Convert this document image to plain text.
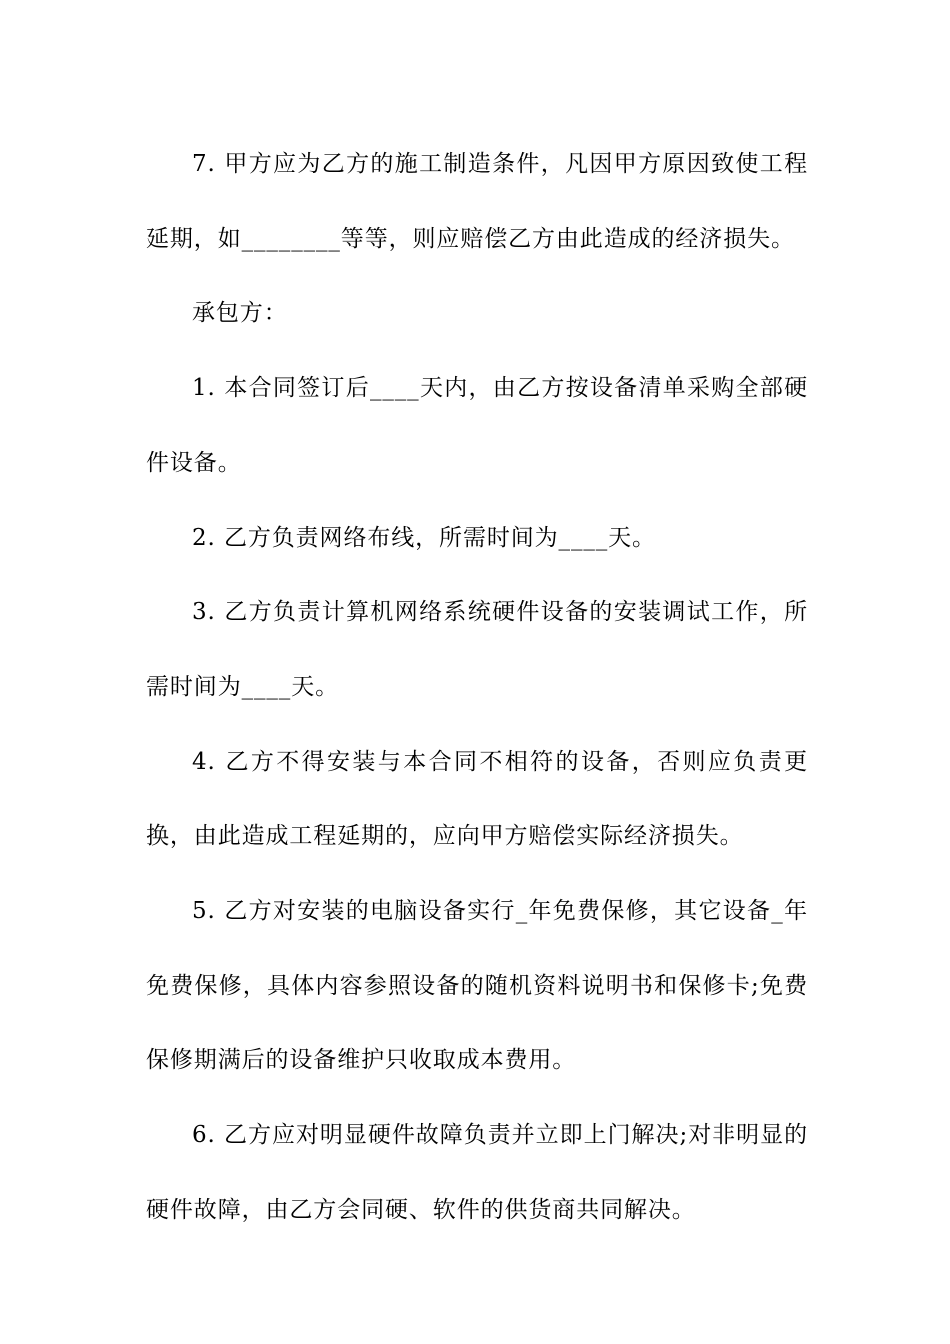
7. 甲方应为乙方的施工制造条件，凡因甲方原因致使工程延期，如________等等，则应赔偿乙方由此造成的经济损失。

承包方：

1. 本合同签订后____天内，由乙方按设备清单采购全部硬件设备。

2. 乙方负责网络布线，所需时间为____天。

3. 乙方负责计算机网络系统硬件设备的安装调试工作，所需时间为____天。

4. 乙方不得安装与本合同不相符的设备，否则应负责更换，由此造成工程延期的，应向甲方赔偿实际经济损失。

5. 乙方对安装的电脑设备实行_年免费保修，其它设备_年免费保修，具体内容参照设备的随机资料说明书和保修卡;免费保修期满后的设备维护只收取成本费用。

6. 乙方应对明显硬件故障负责并立即上门解决;对非明显的硬件故障，由乙方会同硬、软件的供货商共同解决。
